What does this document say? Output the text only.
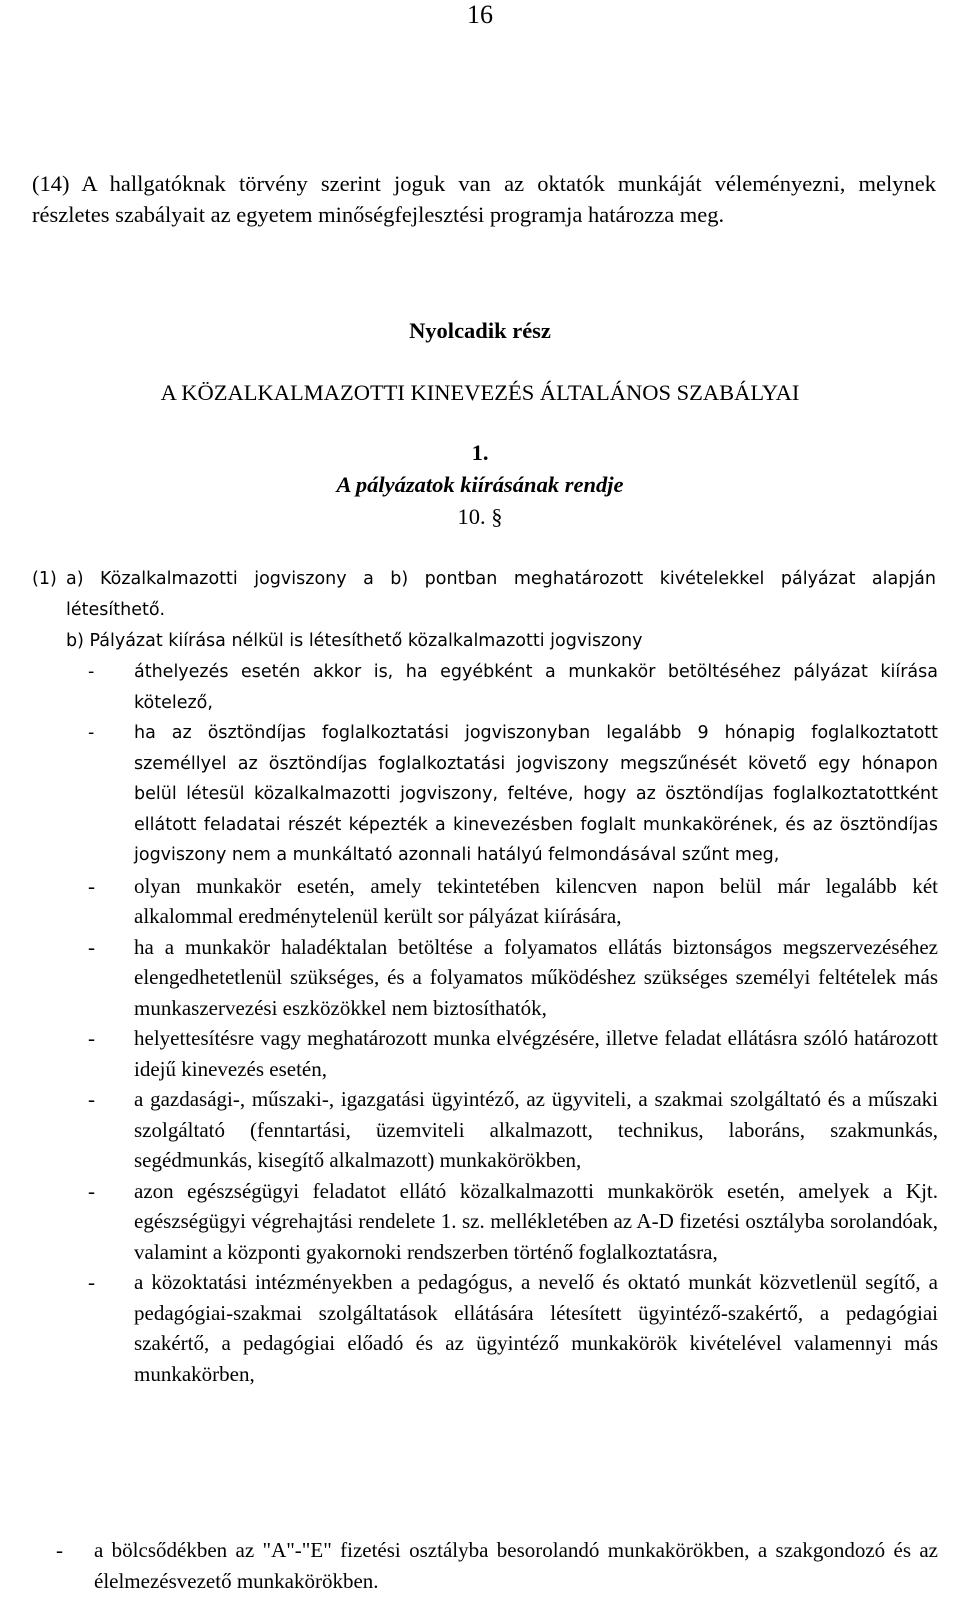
16

(14) A hallgatóknak törvény szerint joguk van az oktatók munkáját véleményezni, melynek részletes szabályait az egyetem minőségfejlesztési programja határozza meg.

Nyolcadik rész
A KÖZALKALMAZOTTI KINEVEZÉS ÁLTALÁNOS SZABÁLYAI
1.
A pályázatok kiírásának rendje
10. §
(1) a) Közalkalmazotti jogviszony a b) pontban meghatározott kivételekkel pályázat alapján létesíthető.
b) Pályázat kiírása nélkül is létesíthető közalkalmazotti jogviszony
- áthelyezés esetén akkor is, ha egyébként a munkakör betöltéséhez pályázat kiírása kötelező,
- ha az ösztöndíjas foglalkoztatási jogviszonyban legalább 9 hónapig foglalkoztatott személlyel az ösztöndíjas foglalkoztatási jogviszony megszűnését követő egy hónapon belül létesül közalkalmazotti jogviszony, feltéve, hogy az ösztöndíjas foglalkoztatottként ellátott feladatai részét képezték a kinevezésben foglalt munkakörének, és az ösztöndíjas jogviszony nem a munkáltató azonnali hatályú felmondásával szűnt meg,
- olyan munkakör esetén, amely tekintetében kilencven napon belül már legalább két alkalommal eredménytelenül került sor pályázat kiírására,
- ha a munkakör haladéktalan betöltése a folyamatos ellátás biztonságos megszervezéséhez elengedhetetlenül szükséges, és a folyamatos működéshez szükséges személyi feltételek más munkaszervezési eszközökkel nem biztosíthatók,
- helyettesítésre vagy meghatározott munka elvégzésére, illetve feladat ellátásra szóló határozott idejű kinevezés esetén,
- a gazdasági-, műszaki-, igazgatási ügyintéző, az ügyviteli, a szakmai szolgáltató és a műszaki szolgáltató (fenntartási, üzemviteli alkalmazott, technikus, laboráns, szakmunkás, segédmunkás, kisegítő alkalmazott) munkakörökben,
- azon egészségügyi feladatot ellátó közalkalmazotti munkakörök esetén, amelyek a Kjt. egészségügyi végrehajtási rendelete 1. sz. mellékletében az A-D fizetési osztályba sorolandóak, valamint a központi gyakornoki rendszerben történő foglalkoztatásra,
- a közoktatási intézményekben a pedagógus, a nevelő és oktató munkát közvetlenül segítő, a pedagógiai-szakmai szolgáltatások ellátására létesített ügyintéző-szakértő, a pedagógiai szakértő, a pedagógiai előadó és az ügyintéző munkakörök kivételével valamennyi más munkakörben,
- a bölcsődékben az "A"-"E" fizetési osztályba besorolandó munkakörökben, a szakgondozó és az élelmezésvezető munkakörökben.
